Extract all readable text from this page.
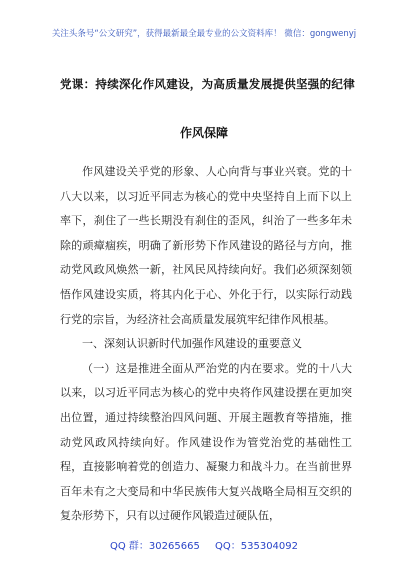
关注头条号“公文研究”，获得最新最全最专业的公文资料库！ 微信：gongwenyj
党课：持续深化作风建设，为高质量发展提供坚强的纪律
作风保障

作风建设关乎党的形象、人心向背与事业兴衰。党的十八大以来，以习近平同志为核心的党中央坚持自上而下以上率下，刹住了一些长期没有刹住的歪风，纠治了一些多年未除的顽瘴痼疾，明确了新形势下作风建设的路径与方向，推动党风政风焕然一新，社风民风持续向好。我们必须深刻领悟作风建设实质，将其内化于心、外化于行，以实际行动践行党的宗旨，为经济社会高质量发展筑牢纪律作风根基。

一、深刻认识新时代加强作风建设的重要意义

（一）这是推进全面从严治党的内在要求。党的十八大以来，以习近平同志为核心的党中央将作风建设摆在更加突出位置，通过持续整治四风问题、开展主题教育等措施，推动党风政风持续向好。作风建设作为管党治党的基础性工程，直接影响着党的创造力、凝聚力和战斗力。在当前世界百年未有之大变局和中华民族伟大复兴战略全局相互交织的复杂形势下，只有以过硬作风锻造过硬队伍，

QQ 群：30265665 QQ：535304092
